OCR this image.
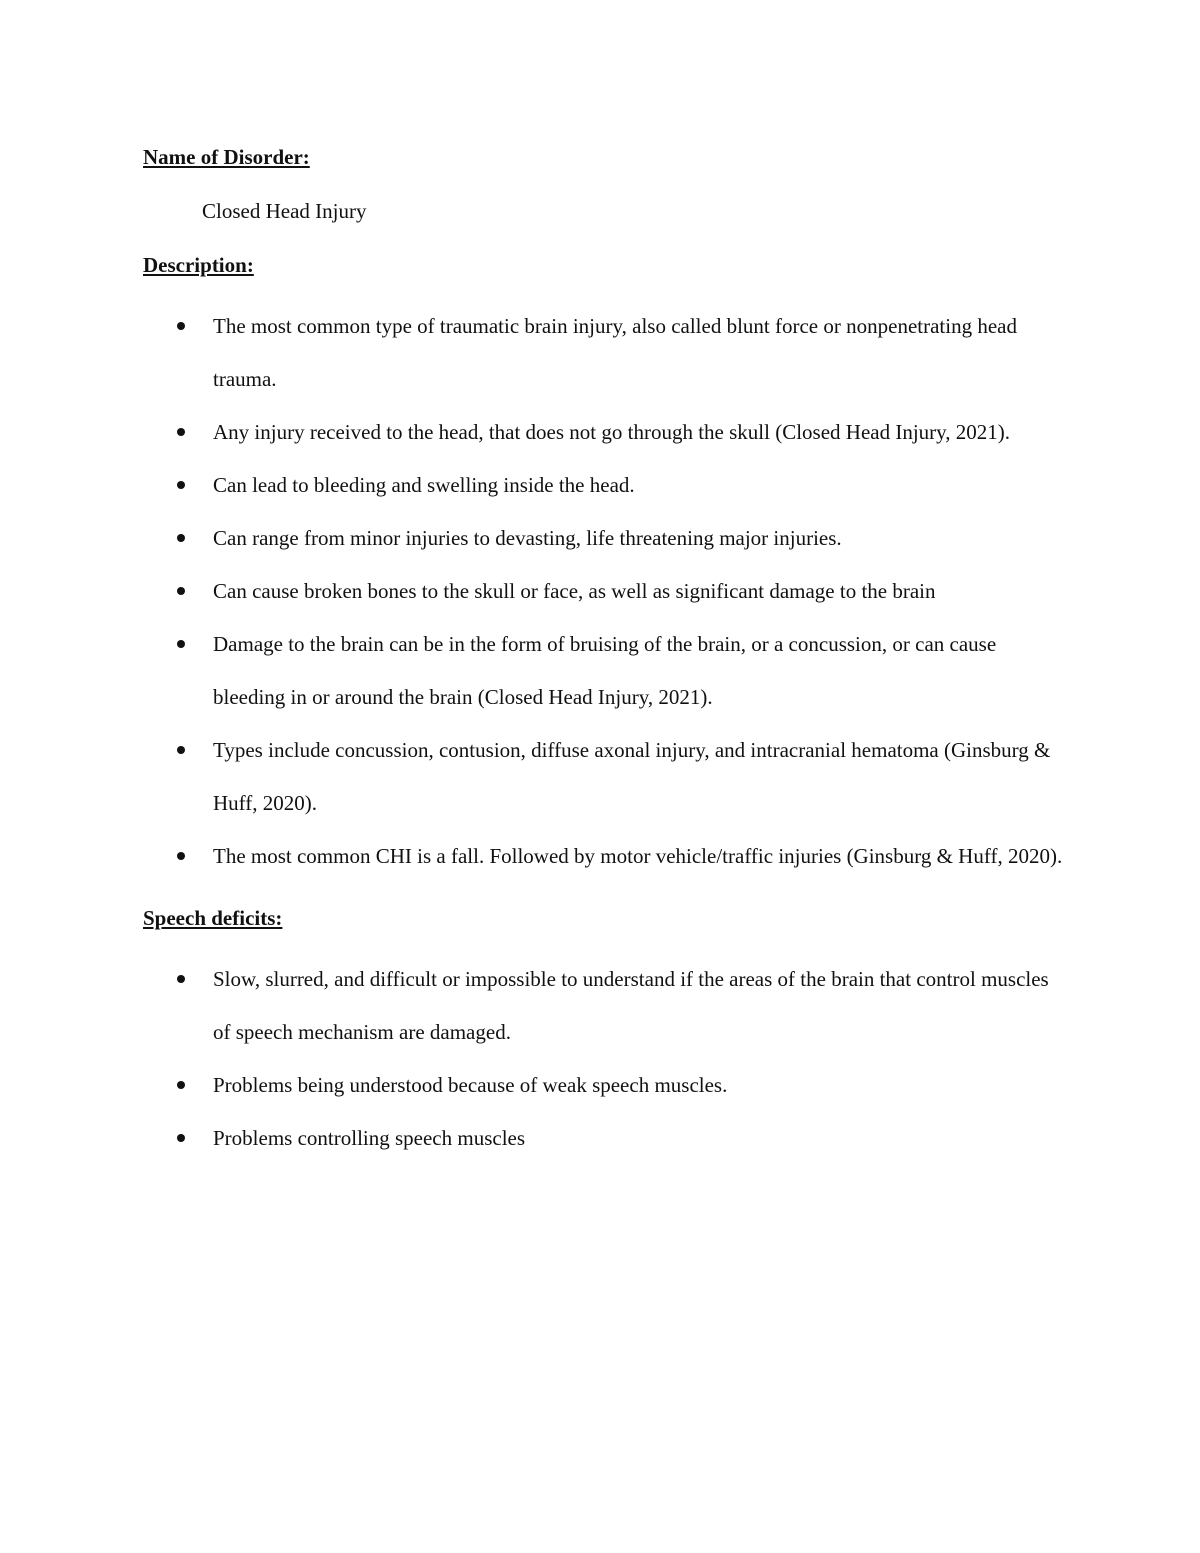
Name of Disorder:
Closed Head Injury
Description:
The most common type of traumatic brain injury, also called blunt force or nonpenetrating head trauma.
Any injury received to the head, that does not go through the skull (Closed Head Injury, 2021).
Can lead to bleeding and swelling inside the head.
Can range from minor injuries to devasting, life threatening major injuries.
Can cause broken bones to the skull or face, as well as significant damage to the brain
Damage to the brain can be in the form of bruising of the brain, or a concussion, or can cause bleeding in or around the brain (Closed Head Injury, 2021).
Types include concussion, contusion, diffuse axonal injury, and intracranial hematoma (Ginsburg & Huff, 2020).
The most common CHI is a fall. Followed by motor vehicle/traffic injuries (Ginsburg & Huff, 2020).
Speech deficits:
Slow, slurred, and difficult or impossible to understand if the areas of the brain that control muscles of speech mechanism are damaged.
Problems being understood because of weak speech muscles.
Problems controlling speech muscles
